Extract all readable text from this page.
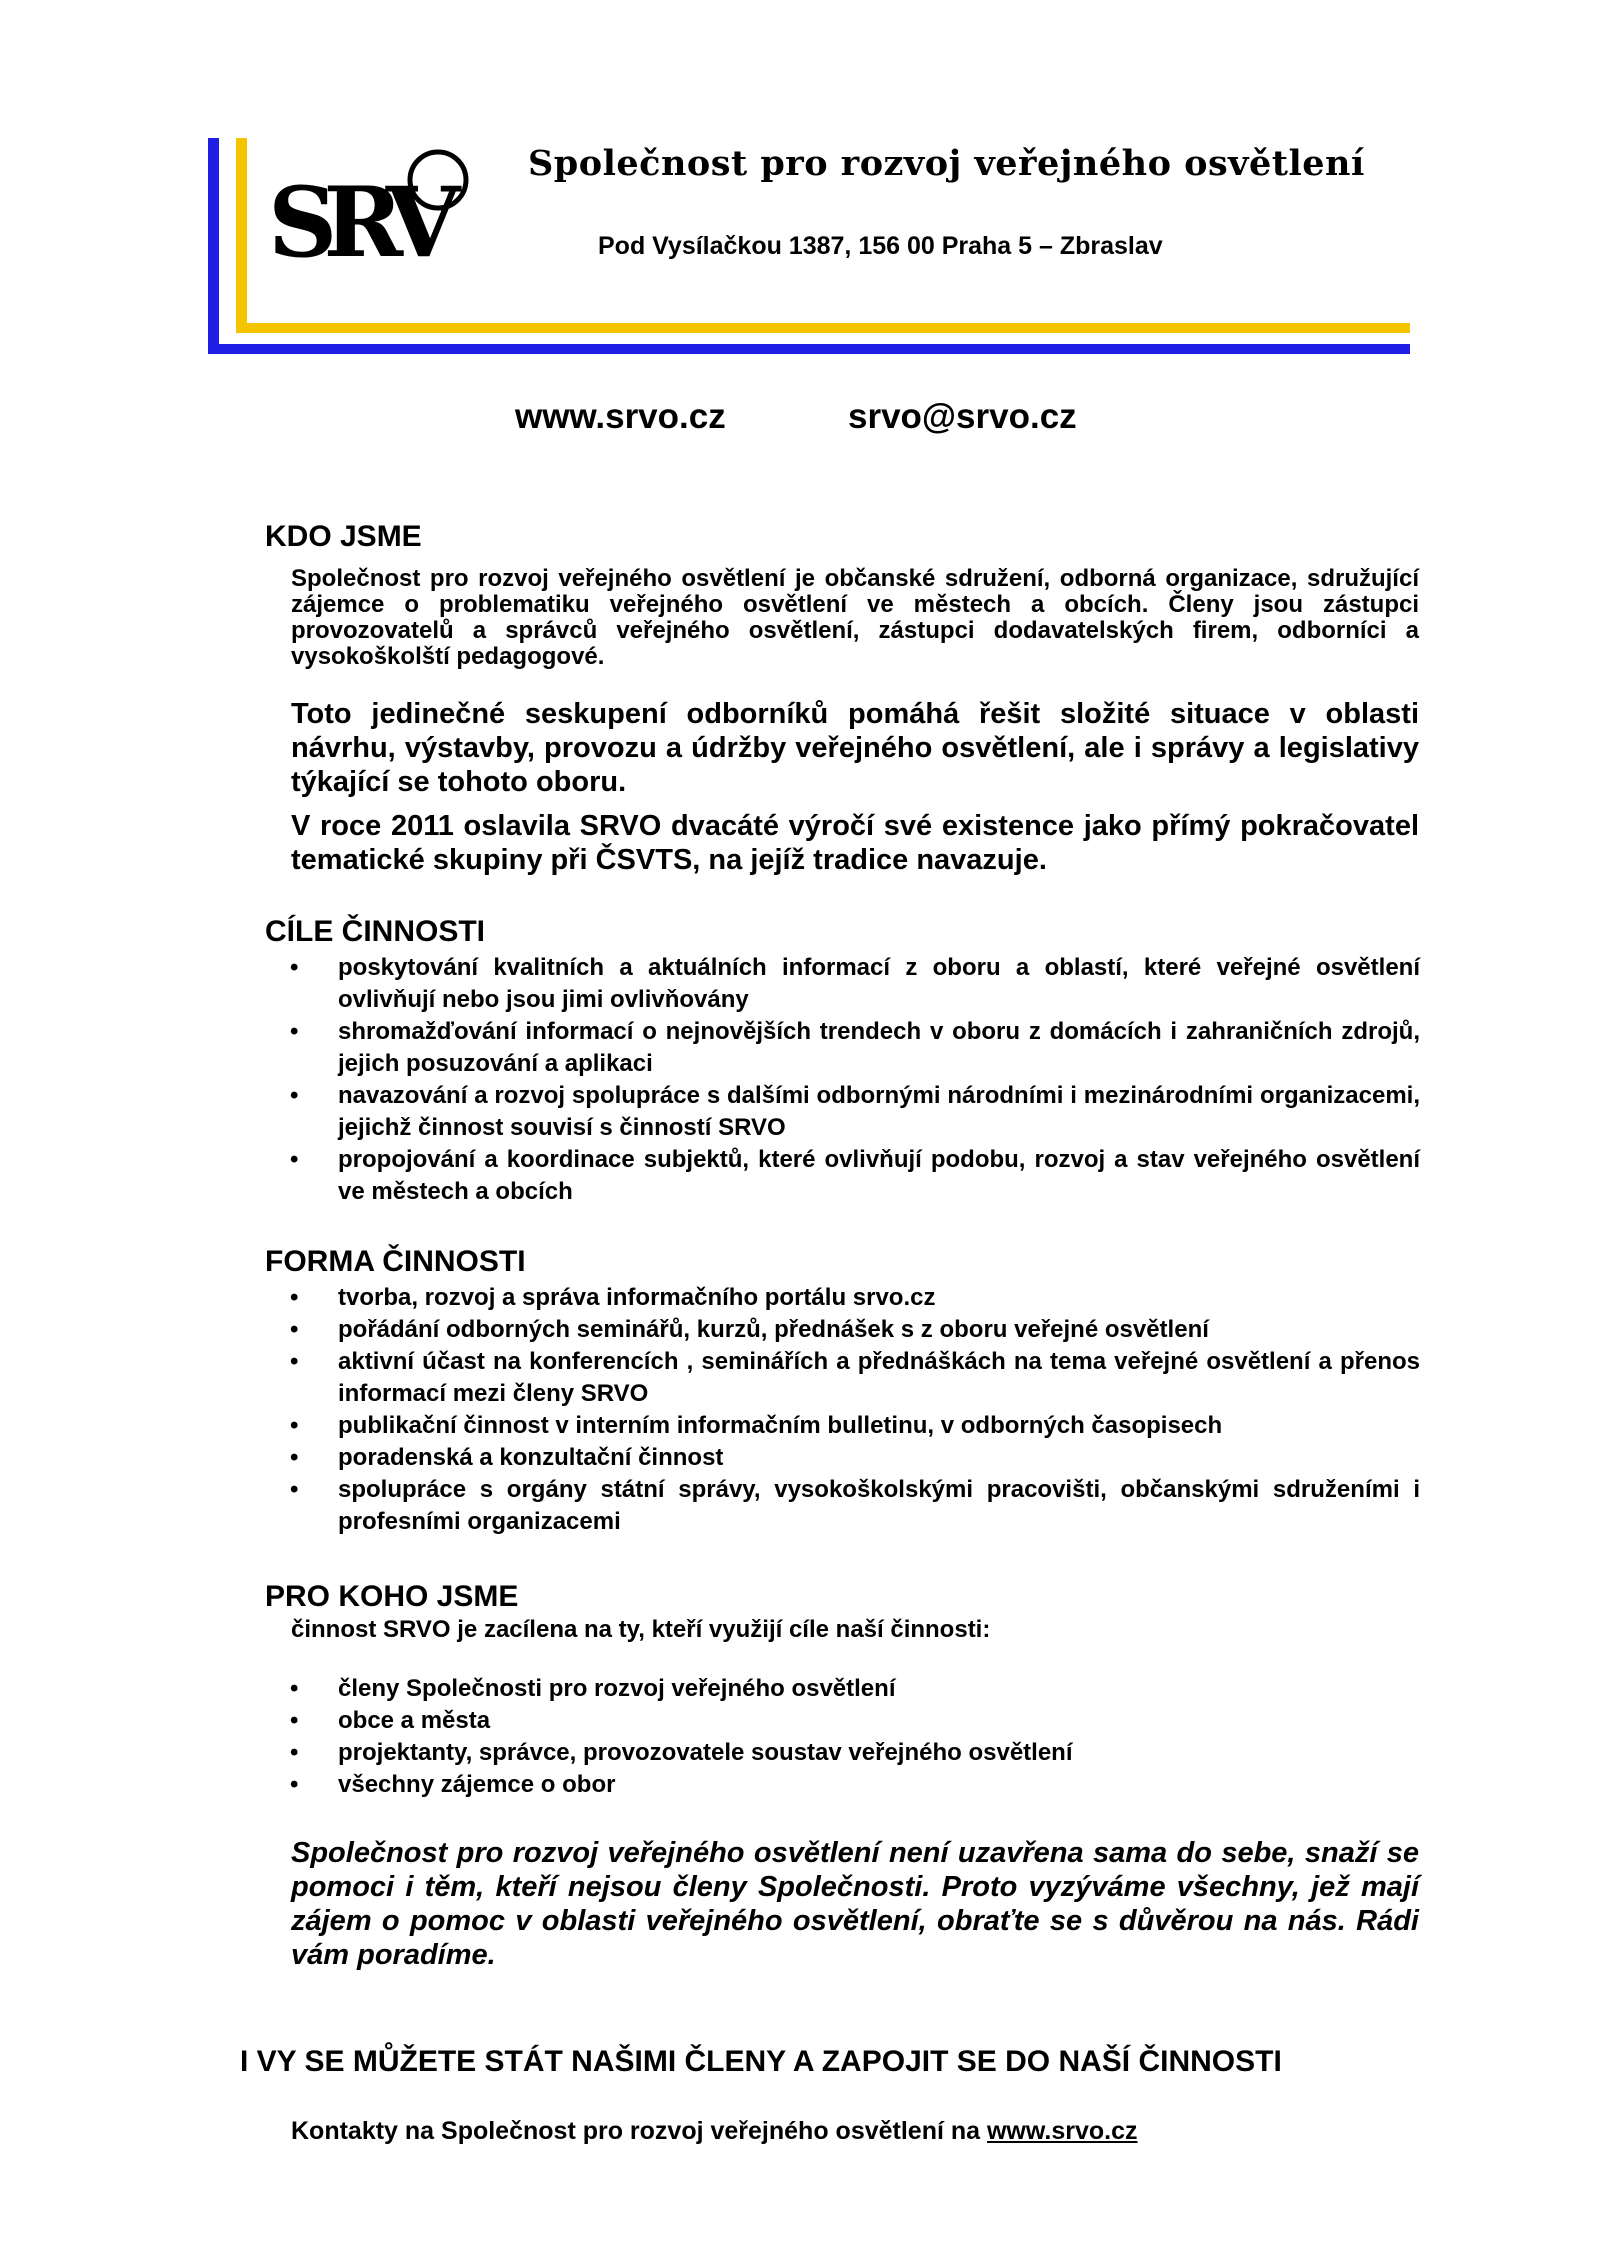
SRV

Společnost pro rozvoj veřejného osvětlení

Pod Vysílačkou 1387, 156 00 Praha 5 – Zbraslav

www.srvo.cz	srvo@srvo.cz
KDO JSME

Společnost pro rozvoj veřejného osvětlení je občanské sdružení, odborná organizace, sdružující zájemce o problematiku veřejného osvětlení ve městech a obcích. Členy jsou zástupci provozovatelů a správců veřejného osvětlení, zástupci dodavatelských firem, odborníci a vysokoškolští pedagogové.

Toto jedinečné seskupení odborníků pomáhá řešit složité situace v oblasti návrhu, výstavby, provozu a údržby veřejného osvětlení, ale i správy a legislativy týkající se tohoto oboru.

V roce 2011 oslavila SRVO dvacáté výročí své existence jako přímý pokračovatel tematické skupiny při ČSVTS, na jejíž tradice navazuje.

CÍLE ČINNOSTI
• poskytování kvalitních a aktuálních informací z oboru a oblastí, které veřejné osvětlení ovlivňují nebo jsou jimi ovlivňovány
• shromažďování informací o nejnovějších trendech v oboru z domácích i zahraničních zdrojů, jejich posuzování a aplikaci
• navazování a rozvoj spolupráce s dalšími odbornými národními i mezinárodními organizacemi, jejichž činnost souvisí s činností SRVO
• propojování a koordinace subjektů, které ovlivňují podobu, rozvoj a stav veřejného osvětlení ve městech a obcích
FORMA ČINNOSTI
• tvorba, rozvoj a správa informačního portálu srvo.cz
• pořádání odborných seminářů, kurzů, přednášek s z oboru veřejné osvětlení
• aktivní účast na konferencích , seminářích a přednáškách na tema veřejné osvětlení a přenos informací mezi členy SRVO
• publikační činnost v interním informačním bulletinu, v odborných časopisech
• poradenská a konzultační činnost
• spolupráce s orgány státní správy, vysokoškolskými pracovišti, občanskými sdruženími i profesními organizacemi
PRO KOHO JSME

činnost SRVO je zacílena na ty, kteří využijí cíle naší činnosti:

• členy Společnosti pro rozvoj veřejného osvětlení
• obce a města
• projektanty, správce, provozovatele soustav veřejného osvětlení
• všechny zájemce o obor

Společnost pro rozvoj veřejného osvětlení není uzavřena sama do sebe, snaží se pomoci i těm, kteří nejsou členy Společnosti. Proto vyzýváme všechny, jež mají zájem o pomoc v oblasti veřejného osvětlení, obraťte se s důvěrou na nás. Rádi vám poradíme.

I VY SE MŮŽETE STÁT NAŠIMI ČLENY A ZAPOJIT SE DO NAŠÍ ČINNOSTI

Kontakty na Společnost pro rozvoj veřejného osvětlení na www.srvo.cz
